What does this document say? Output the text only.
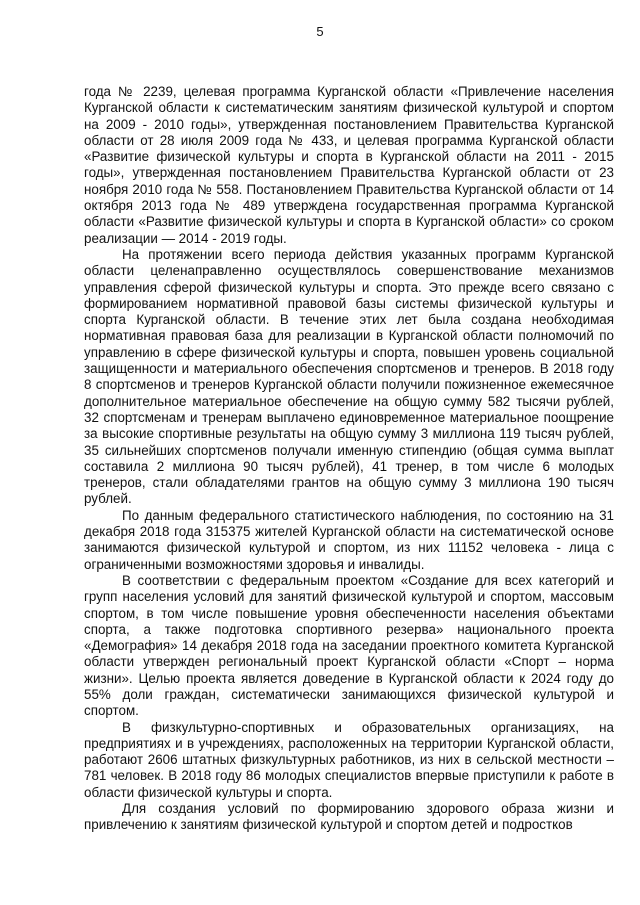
5

года № 2239, целевая программа Курганской области «Привлечение населения Курганской области к систематическим занятиям физической культурой и спортом на 2009 - 2010 годы», утвержденная постановлением Правительства Курганской области от 28 июля 2009 года № 433, и целевая программа Курганской области «Развитие физической культуры и спорта в Курганской области на 2011 - 2015 годы», утвержденная постановлением Правительства Курганской области от 23 ноября 2010 года № 558. Постановлением Правительства Курганской области от 14 октября 2013 года № 489 утверждена государственная программа Курганской области «Развитие физической культуры и спорта в Курганской области» со сроком реализации — 2014 - 2019 годы.

На протяжении всего периода действия указанных программ Курганской области целенаправленно осуществлялось совершенствование механизмов управления сферой физической культуры и спорта. Это прежде всего связано с формированием нормативной правовой базы системы физической культуры и спорта Курганской области. В течение этих лет была создана необходимая нормативная правовая база для реализации в Курганской области полномочий по управлению в сфере физической культуры и спорта, повышен уровень социальной защищенности и материального обеспечения спортсменов и тренеров. В 2018 году 8 спортсменов и тренеров Курганской области получили пожизненное ежемесячное дополнительное материальное обеспечение на общую сумму 582 тысячи рублей, 32 спортсменам и тренерам выплачено единовременное материальное поощрение за высокие спортивные результаты на общую сумму 3 миллиона 119 тысяч рублей, 35 сильнейших спортсменов получали именную стипендию (общая сумма выплат составила 2 миллиона 90 тысяч рублей), 41 тренер, в том числе 6 молодых тренеров, стали обладателями грантов на общую сумму 3 миллиона 190 тысяч рублей.

По данным федерального статистического наблюдения, по состоянию на 31 декабря 2018 года 315375 жителей Курганской области на систематической основе занимаются физической культурой и спортом, из них 11152 человека - лица с ограниченными возможностями здоровья и инвалиды.

В соответствии с федеральным проектом «Создание для всех категорий и групп населения условий для занятий физической культурой и спортом, массовым спортом, в том числе повышение уровня обеспеченности населения объектами спорта, а также подготовка спортивного резерва» национального проекта «Демография» 14 декабря 2018 года на заседании проектного комитета Курганской области утвержден региональный проект Курганской области «Спорт – норма жизни». Целью проекта является доведение в Курганской области к 2024 году до 55% доли граждан, систематически занимающихся физической культурой и спортом.

В физкультурно-спортивных и образовательных организациях, на предприятиях и в учреждениях, расположенных на территории Курганской области, работают 2606 штатных физкультурных работников, из них в сельской местности – 781 человек. В 2018 году 86 молодых специалистов впервые приступили к работе в области физической культуры и спорта.

Для создания условий по формированию здорового образа жизни и привлечению к занятиям физической культурой и спортом детей и подростков
